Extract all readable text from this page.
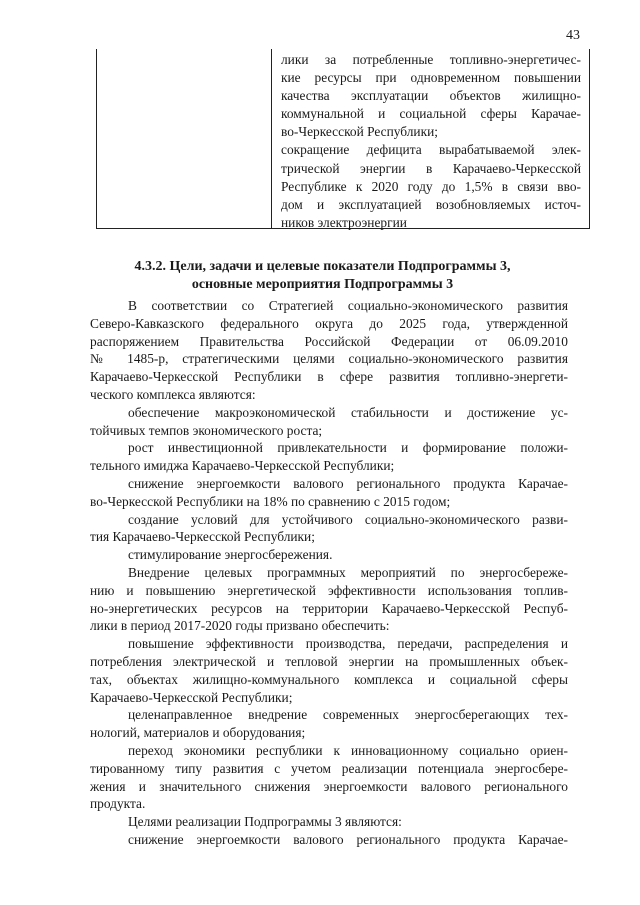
43
лики за потребленные топливно-энергетичес-
кие ресурсы при одновременном повышении
качества эксплуатации объектов жилищно-
коммунальной и социальной сферы Карачае-
во-Черкесской Республики;
сокращение дефицита вырабатываемой элек-
трической энергии в Карачаево-Черкесской
Республике к 2020 году до 1,5% в связи вво-
дом и эксплуатацией возобновляемых источ-
ников электроэнергии
4.3.2. Цели, задачи и целевые показатели Подпрограммы 3,
основные мероприятия Подпрограммы 3
В соответствии со Стратегией социально-экономического развития
Северо-Кавказского федерального округа до 2025 года, утвержденной
распоряжением Правительства Российской Федерации от 06.09.2010
№ 1485-р, стратегическими целями социально-экономического развития
Карачаево-Черкесской Республики в сфере развития топливно-энергети-
ческого комплекса являются:
обеспечение макроэкономической стабильности и достижение ус-
тойчивых темпов экономического роста;
рост инвестиционной привлекательности и формирование положи-
тельного имиджа Карачаево-Черкесской Республики;
снижение энергоемкости валового регионального продукта Карачае-
во-Черкесской Республики на 18% по сравнению с 2015 годом;
создание условий для устойчивого социально-экономического разви-
тия Карачаево-Черкесской Республики;
стимулирование энергосбережения.
Внедрение целевых программных мероприятий по энергосбереже-
нию и повышению энергетической эффективности использования топлив-
но-энергетических ресурсов на территории Карачаево-Черкесской Респуб-
лики в период 2017-2020 годы призвано обеспечить:
повышение эффективности производства, передачи, распределения и
потребления электрической и тепловой энергии на промышленных объек-
тах, объектах жилищно-коммунального комплекса и социальной сферы
Карачаево-Черкесской Республики;
целенаправленное внедрение современных энергосберегающих тех-
нологий, материалов и оборудования;
переход экономики республики к инновационному социально ориен-
тированному типу развития с учетом реализации потенциала энергосбере-
жения и значительного снижения энергоемкости валового регионального
продукта.
Целями реализации Подпрограммы 3 являются:
снижение энергоемкости валового регионального продукта Карачае-
